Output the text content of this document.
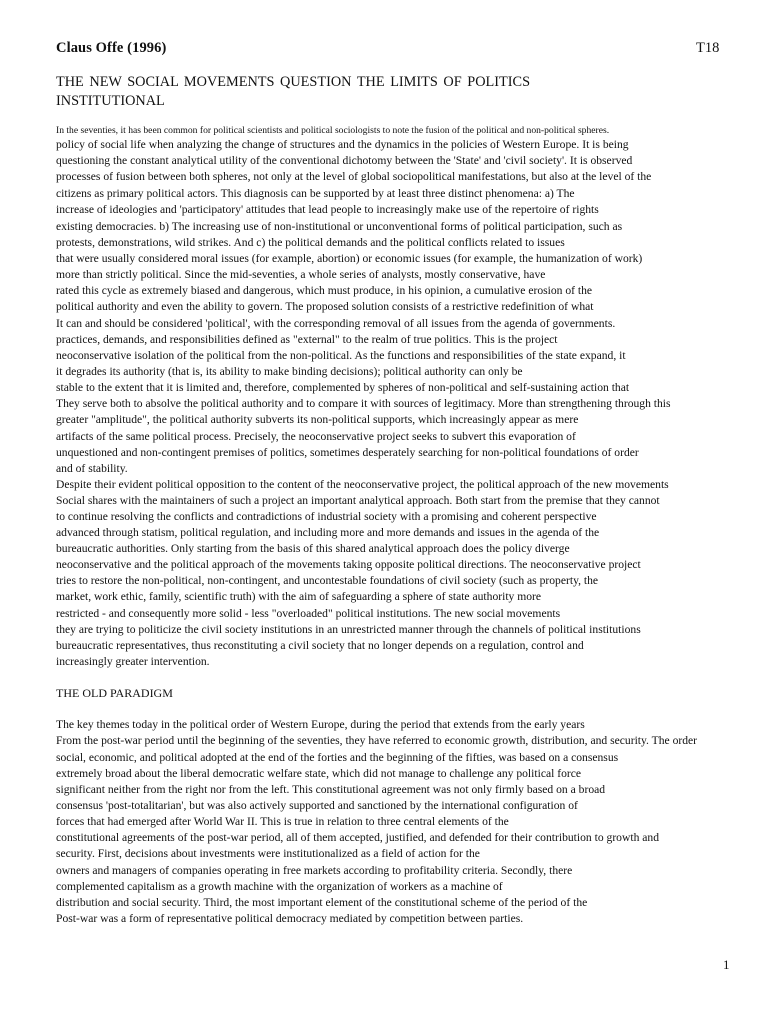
Claus Offe (1996)	T18
THE NEW SOCIAL MOVEMENTS QUESTION THE LIMITS OF POLITICS
INSTITUTIONAL
In the seventies, it has been common for political scientists and political sociologists to note the fusion of the political and non-political spheres.
policy of social life when analyzing the change of structures and the dynamics in the policies of Western Europe. It is being
questioning the constant analytical utility of the conventional dichotomy between the 'State' and 'civil society'. It is observed
processes of fusion between both spheres, not only at the level of global sociopolitical manifestations, but also at the level of the
citizens as primary political actors. This diagnosis can be supported by at least three distinct phenomena: a) The
increase of ideologies and 'participatory' attitudes that lead people to increasingly make use of the repertoire of rights
existing democracies. b) The increasing use of non-institutional or unconventional forms of political participation, such as
protests, demonstrations, wild strikes. And c) the political demands and the political conflicts related to issues
that were usually considered moral issues (for example, abortion) or economic issues (for example, the humanization of work)
more than strictly political. Since the mid-seventies, a whole series of analysts, mostly conservative, have
rated this cycle as extremely biased and dangerous, which must produce, in his opinion, a cumulative erosion of the
political authority and even the ability to govern. The proposed solution consists of a restrictive redefinition of what
It can and should be considered 'political', with the corresponding removal of all issues from the agenda of governments.
practices, demands, and responsibilities defined as "external" to the realm of true politics. This is the project
neoconservative isolation of the political from the non-political. As the functions and responsibilities of the state expand, it
it degrades its authority (that is, its ability to make binding decisions); political authority can only be
stable to the extent that it is limited and, therefore, complemented by spheres of non-political and self-sustaining action that
They serve both to absolve the political authority and to compare it with sources of legitimacy. More than strengthening through this
greater "amplitude", the political authority subverts its non-political supports, which increasingly appear as mere
artifacts of the same political process. Precisely, the neoconservative project seeks to subvert this evaporation of
unquestioned and non-contingent premises of politics, sometimes desperately searching for non-political foundations of order
and of stability.
Despite their evident political opposition to the content of the neoconservative project, the political approach of the new movements
Social shares with the maintainers of such a project an important analytical approach. Both start from the premise that they cannot
to continue resolving the conflicts and contradictions of industrial society with a promising and coherent perspective
advanced through statism, political regulation, and including more and more demands and issues in the agenda of the
bureaucratic authorities. Only starting from the basis of this shared analytical approach does the policy diverge
neoconservative and the political approach of the movements taking opposite political directions. The neoconservative project
tries to restore the non-political, non-contingent, and uncontestable foundations of civil society (such as property, the
market, work ethic, family, scientific truth) with the aim of safeguarding a sphere of state authority more
restricted - and consequently more solid - less "overloaded" political institutions. The new social movements
they are trying to politicize the civil society institutions in an unrestricted manner through the channels of political institutions
bureaucratic representatives, thus reconstituting a civil society that no longer depends on a regulation, control and
increasingly greater intervention.
The key themes today in the political order of Western Europe, during the period that extends from the early years
From the post-war period until the beginning of the seventies, they have referred to economic growth, distribution, and security. The order
social, economic, and political adopted at the end of the forties and the beginning of the fifties, was based on a consensus
extremely broad about the liberal democratic welfare state, which did not manage to challenge any political force
significant neither from the right nor from the left. This constitutional agreement was not only firmly based on a broad
consensus 'post-totalitarian', but was also actively supported and sanctioned by the international configuration of
forces that had emerged after World War II. This is true in relation to three central elements of the
constitutional agreements of the post-war period, all of them accepted, justified, and defended for their contribution to growth and
security. First, decisions about investments were institutionalized as a field of action for the
owners and managers of companies operating in free markets according to profitability criteria. Secondly, there
complemented capitalism as a growth machine with the organization of workers as a machine of
distribution and social security. Third, the most important element of the constitutional scheme of the period of the
Post-war was a form of representative political democracy mediated by competition between parties.
THE OLD PARADIGM
1
